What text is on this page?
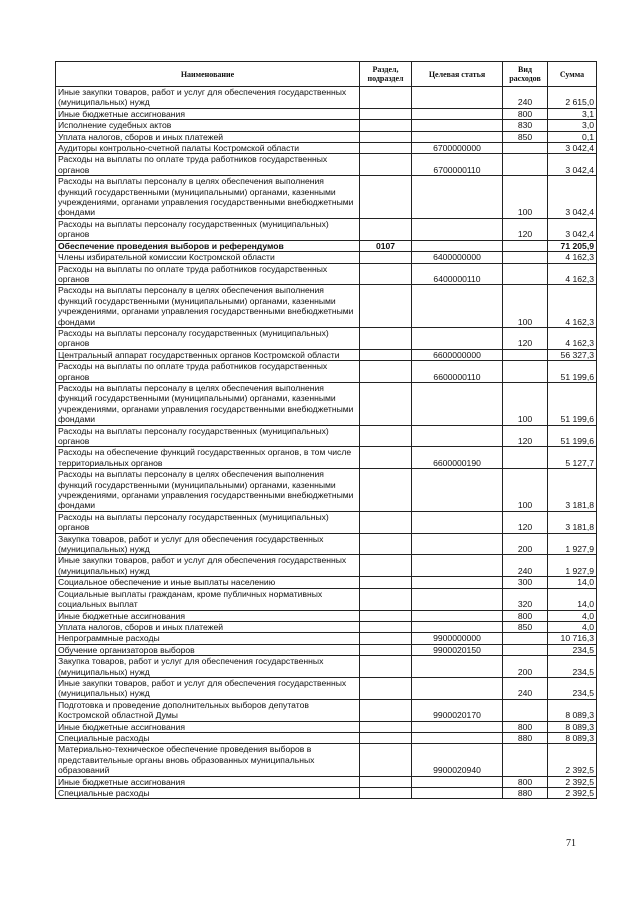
Наименование	Раздел, подраздел	Целевая статья	Вид расходов	Сумма
Иные закупки товаров, работ и услуг для обеспечения государственных (муниципальных) нужд			240	2 615,0
Иные бюджетные ассигнования			800	3,1
Исполнение судебных актов			830	3,0
Уплата налогов, сборов и иных платежей			850	0,1
Аудиторы контрольно-счетной палаты Костромской области		6700000000		3 042,4
Расходы на выплаты по оплате труда работников государственных органов		6700000110		3 042,4
Расходы на выплаты персоналу в целях обеспечения выполнения функций государственными (муниципальными) органами, казенными учреждениями, органами управления государственными внебюджетными фондами			100	3 042,4
Расходы на выплаты персоналу государственных (муниципальных) органов			120	3 042,4
Обеспечение проведения выборов и референдумов	0107			71 205,9
Члены избирательной комиссии Костромской области		6400000000		4 162,3
Расходы на выплаты по оплате труда работников государственных органов		6400000110		4 162,3
Расходы на выплаты персоналу в целях обеспечения выполнения функций государственными (муниципальными) органами, казенными учреждениями, органами управления государственными внебюджетными фондами			100	4 162,3
Расходы на выплаты персоналу государственных (муниципальных) органов			120	4 162,3
Центральный аппарат государственных органов Костромской области		6600000000		56 327,3
Расходы на выплаты по оплате труда работников государственных органов		6600000110		51 199,6
Расходы на выплаты персоналу в целях обеспечения выполнения функций государственными (муниципальными) органами, казенными учреждениями, органами управления государственными внебюджетными фондами			100	51 199,6
Расходы на выплаты персоналу государственных (муниципальных) органов			120	51 199,6
Расходы на обеспечение функций государственных органов, в том числе территориальных органов		6600000190		5 127,7
Расходы на выплаты персоналу в целях обеспечения выполнения функций государственными (муниципальными) органами, казенными учреждениями, органами управления государственными внебюджетными фондами			100	3 181,8
Расходы на выплаты персоналу государственных (муниципальных) органов			120	3 181,8
Закупка товаров, работ и услуг для обеспечения государственных (муниципальных) нужд			200	1 927,9
Иные закупки товаров, работ и услуг для обеспечения государственных (муниципальных) нужд			240	1 927,9
Социальное обеспечение и иные выплаты населению			300	14,0
Социальные выплаты гражданам, кроме публичных нормативных социальных выплат			320	14,0
Иные бюджетные ассигнования			800	4,0
Уплата налогов, сборов и иных платежей			850	4,0
Непрограммные расходы		9900000000		10 716,3
Обучение организаторов выборов		9900020150		234,5
Закупка товаров, работ и услуг для обеспечения государственных (муниципальных) нужд			200	234,5
Иные закупки товаров, работ и услуг для обеспечения государственных (муниципальных) нужд			240	234,5
Подготовка и проведение дополнительных выборов депутатов Костромской областной Думы		9900020170		8 089,3
Иные бюджетные ассигнования			800	8 089,3
Специальные расходы			880	8 089,3
Материально-техническое обеспечение проведения выборов в представительные органы вновь образованных муниципальных образований		9900020940		2 392,5
Иные бюджетные ассигнования			800	2 392,5
Специальные расходы			880	2 392,5
71
